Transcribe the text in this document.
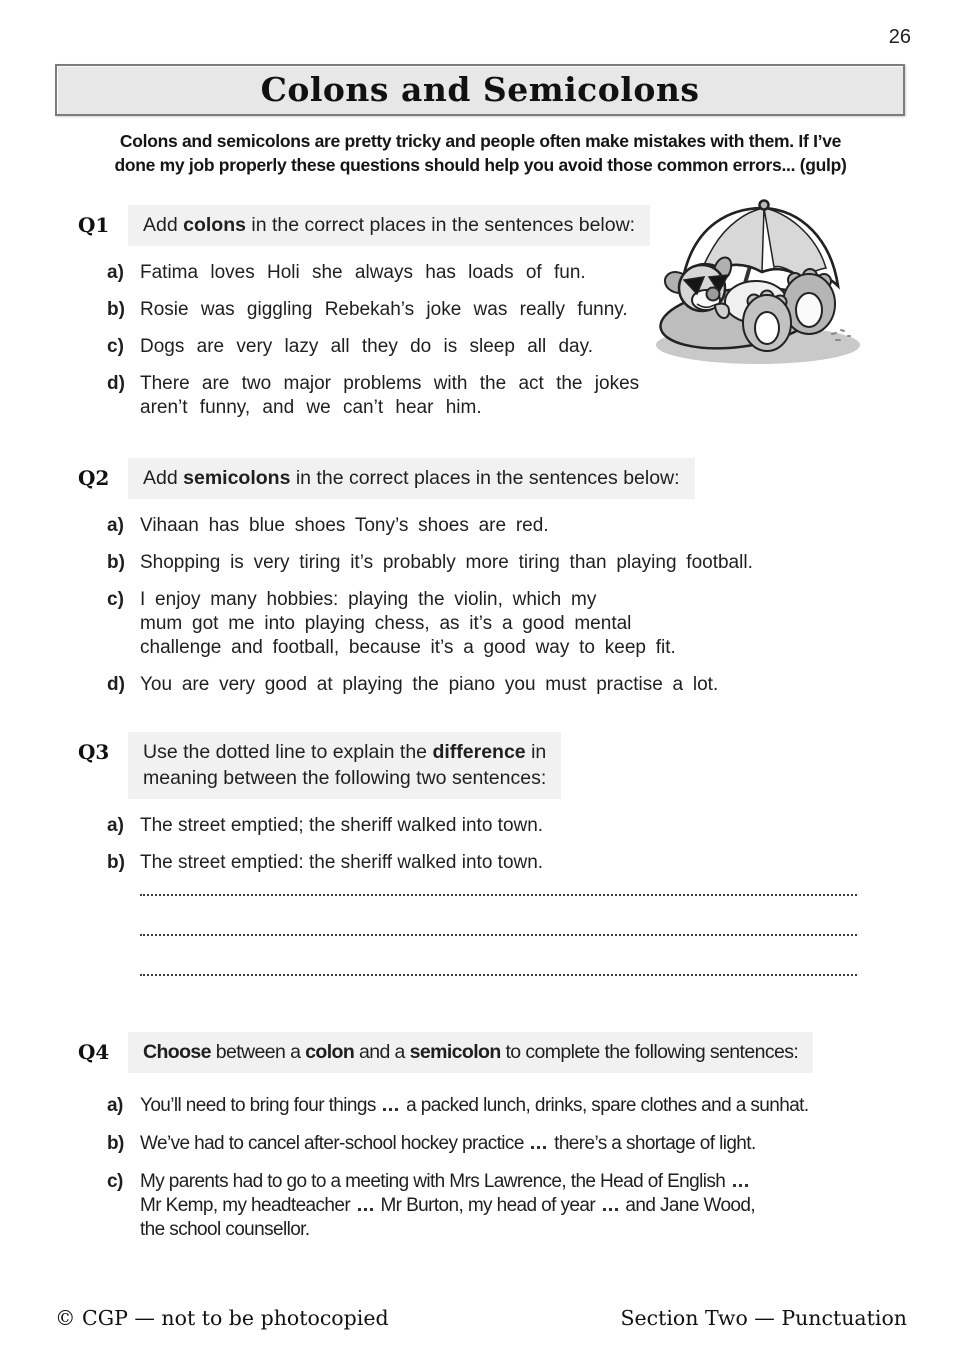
26
Colons and Semicolons
Colons and semicolons are pretty tricky and people often make mistakes with them. If I’ve
done my job properly these questions should help you avoid those common errors... (gulp)
Q1	Add colons in the correct places in the sentences below:
a) Fatima loves Holi she always has loads of fun.
b) Rosie was giggling Rebekah’s joke was really funny.
c) Dogs are very lazy all they do is sleep all day.
d) There are two major problems with the act the jokes
aren’t funny, and we can’t hear him.
Q2	Add semicolons in the correct places in the sentences below:
a) Vihaan has blue shoes Tony’s shoes are red.
b) Shopping is very tiring it’s probably more tiring than playing football.
c) I enjoy many hobbies: playing the violin, which my
mum got me into playing chess, as it’s a good mental
challenge and football, because it’s a good way to keep fit.
d) You are very good at playing the piano you must practise a lot.
Q3	Use the dotted line to explain the difference in
meaning between the following two sentences:
a) The street emptied; the sheriff walked into town.
b) The street emptied: the sheriff walked into town.
Q4	Choose between a colon and a semicolon to complete the following sentences:
a) You’ll need to bring four things  a packed lunch, drinks, spare clothes and a sunhat.
b) We’ve had to cancel after-school hockey practice  there’s a shortage of light.
c) My parents had to go to a meeting with Mrs Lawrence, the Head of English
Mr Kemp, my headteacher  Mr Burton, my head of year  and Jane Wood,
the school counsellor.
© CGP — not to be photocopied	Section Two — Punctuation
